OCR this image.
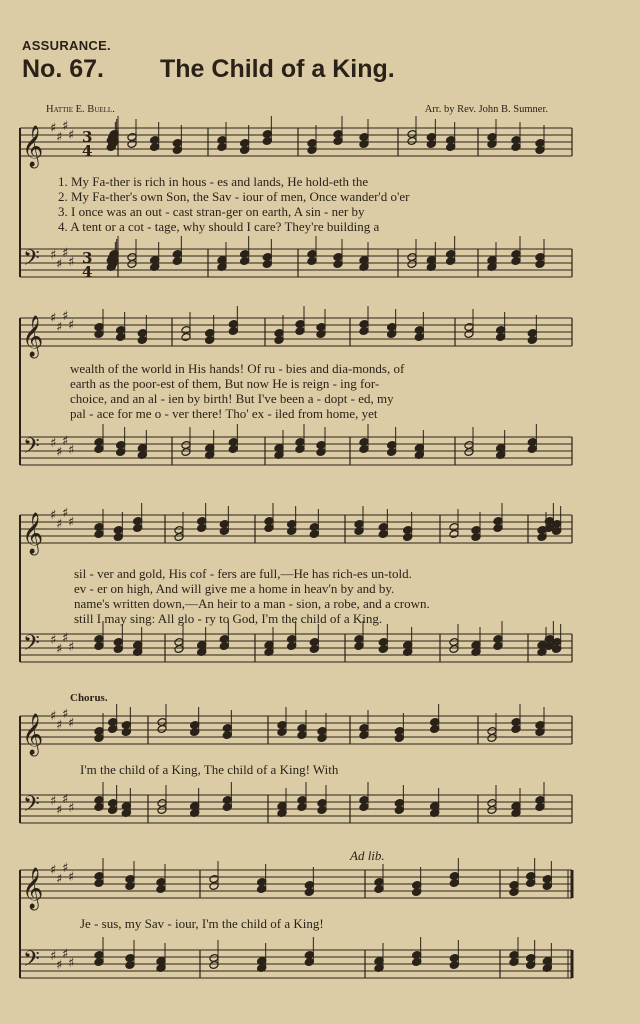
ASSURANCE.
No. 67. The Child of a King.
Hattie E. Buell.	Arr. by Rev. John B. Sumner.
𝄞
𝄢
♯
♯
♯
♯
♯
♯
♯
♯
3
4
3
4
𝄞
𝄢
♯
♯
♯
♯
♯
♯
♯
♯
𝄞
𝄢
♯
♯
♯
♯
♯
♯
♯
♯
𝄞
𝄢
♯
♯
♯
♯
♯
♯
♯
♯
𝄞
𝄢
♯
♯
♯
♯
♯
♯
♯
♯
1. My Fa-ther is rich in hous - es and lands, He hold-eth the
2. My Fa-ther's own Son, the Sav - iour of men, Once wander'd o'er
3. I once was an out - cast stran-ger on earth, A sin - ner by
4. A tent or a cot - tage, why should I care? They're building a
wealth of the world in His hands! Of ru - bies and dia-monds, of
earth as the poor-est of them, But now He is reign - ing for-
choice, and an al - ien by birth! But I've been a - dopt - ed, my
pal - ace for me o - ver there! Tho' ex - iled from home, yet
sil - ver and gold, His cof - fers are full,—He has rich-es un-told.
ev - er on high, And will give me a home in heav'n by and by.
name's written down,—An heir to a man - sion, a robe, and a crown.
still I may sing: All glo - ry to God, I'm the child of a King.
Chorus.
I'm the child of a King, The child of a King! With
Ad lib.
Je - sus, my Sav - iour, I'm the child of a King!
